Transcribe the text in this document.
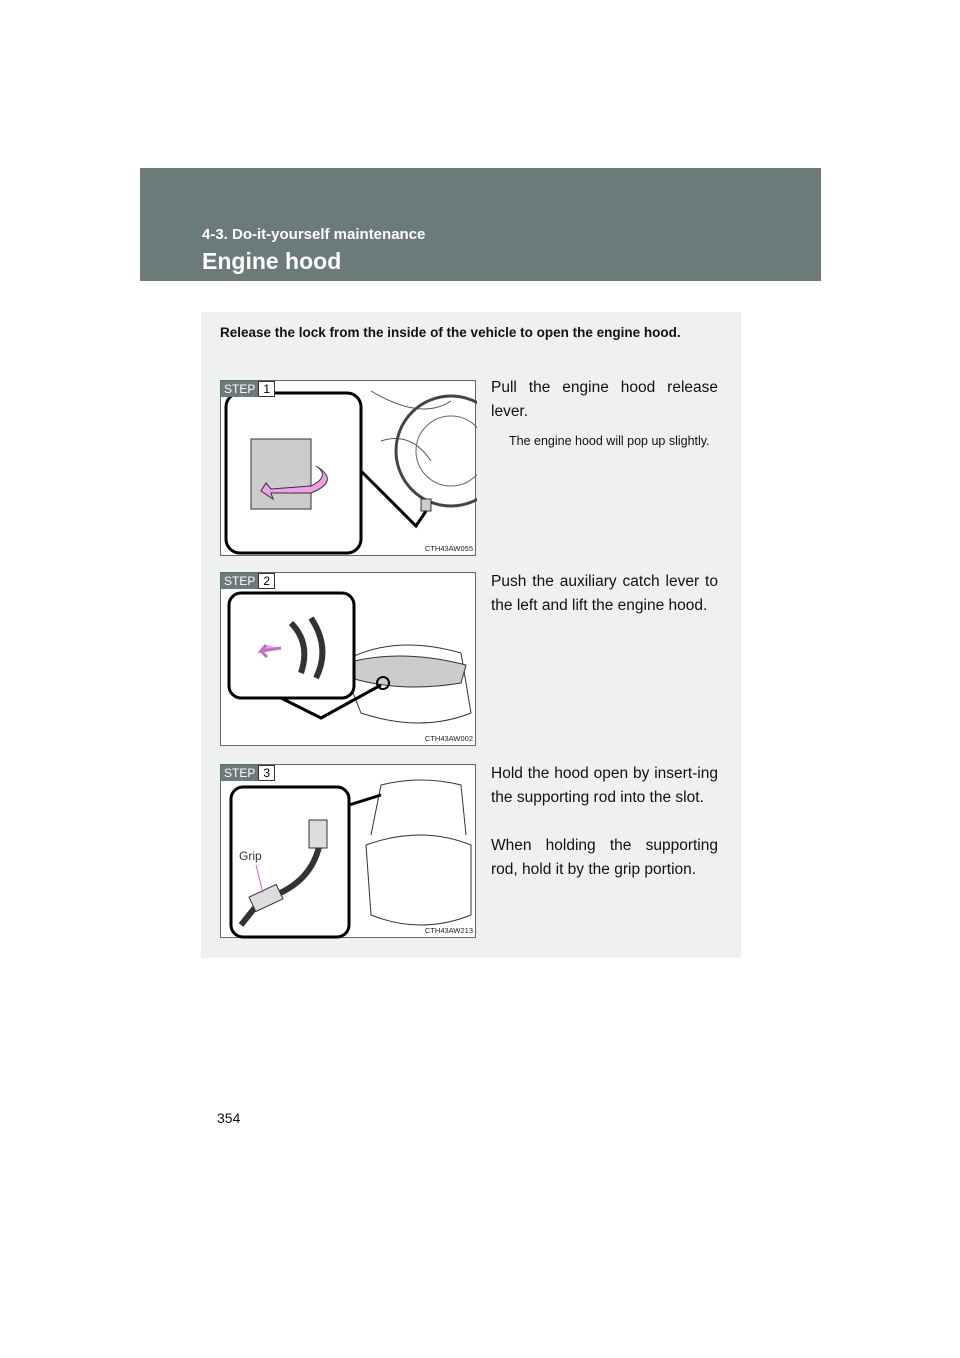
4-3. Do-it-yourself maintenance
Engine hood
Release the lock from the inside of the vehicle to open the engine hood.
STEP 1
CTH43AW055
Pull the engine hood release lever.
The engine hood will pop up slightly.
STEP 2
CTH43AW002
Push the auxiliary catch lever to the left and lift the engine hood.
STEP 3
Grip
CTH43AW213
Hold the hood open by insert-ing the supporting rod into the slot.
When holding the supporting rod, hold it by the grip portion.
354
